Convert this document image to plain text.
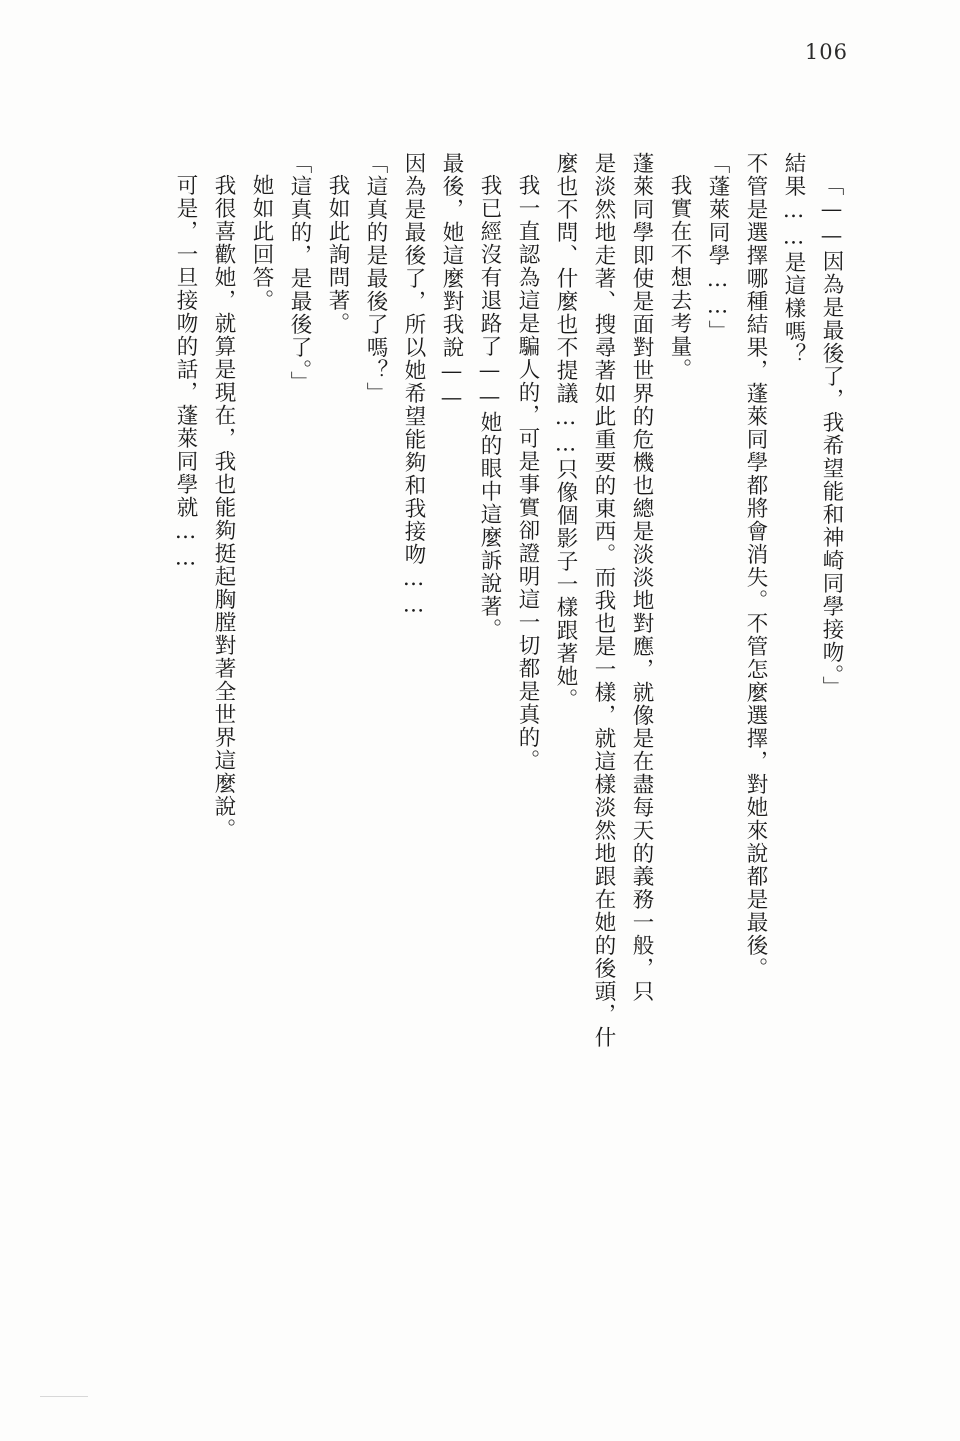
106
「——因為是最後了，我希望能和神崎同學接吻。」
結果……是這樣嗎？
不管是選擇哪種結果，蓬萊同學都將會消失。不管怎麼選擇，對她來說都是最後。
「蓬萊同學……」
我實在不想去考量。
蓬萊同學即使是面對世界的危機也總是淡淡地對應，就像是在盡每天的義務一般，只
是淡然地走著、搜尋著如此重要的東西。而我也是一樣，就這樣淡然地跟在她的後頭，什
麼也不問、什麼也不提議……只像個影子一樣跟著她。
我一直認為這是騙人的，可是事實卻證明這一切都是真的。
我已經沒有退路了——她的眼中這麼訴說著。
最後，她這麼對我說——
因為是最後了，所以她希望能夠和我接吻……
「這真的是最後了嗎？」
我如此詢問著。
「這真的，是最後了。」
她如此回答。
我很喜歡她，就算是現在，我也能夠挺起胸膛對著全世界這麼說。
可是，一旦接吻的話，蓬萊同學就……
